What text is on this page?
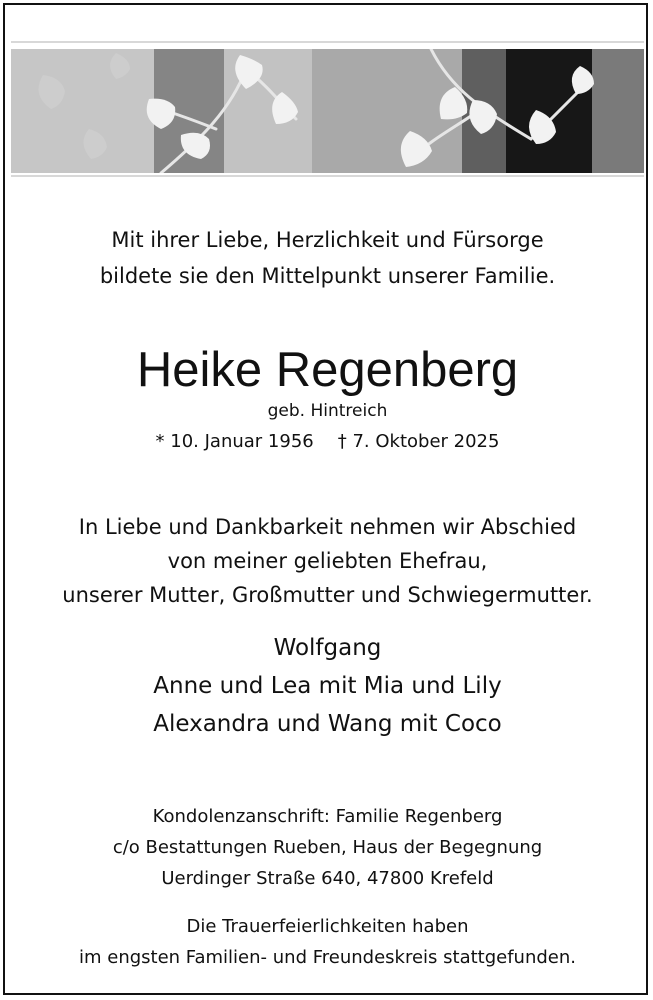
Mit ihrer Liebe, Herzlichkeit und Fürsorge
bildete sie den Mittelpunkt unserer Familie.
Heike Regenberg
geb. Hintreich
* 10. Januar 1956 † 7. Oktober 2025
In Liebe und Dankbarkeit nehmen wir Abschied
von meiner geliebten Ehefrau,
unserer Mutter, Großmutter und Schwiegermutter.
Wolfgang
Anne und Lea mit Mia und Lily
Alexandra und Wang mit Coco
Kondolenzanschrift: Familie Regenberg
c/o Bestattungen Rueben, Haus der Begegnung
Uerdinger Straße 640, 47800 Krefeld
Die Trauerfeierlichkeiten haben
im engsten Familien- und Freundeskreis stattgefunden.
